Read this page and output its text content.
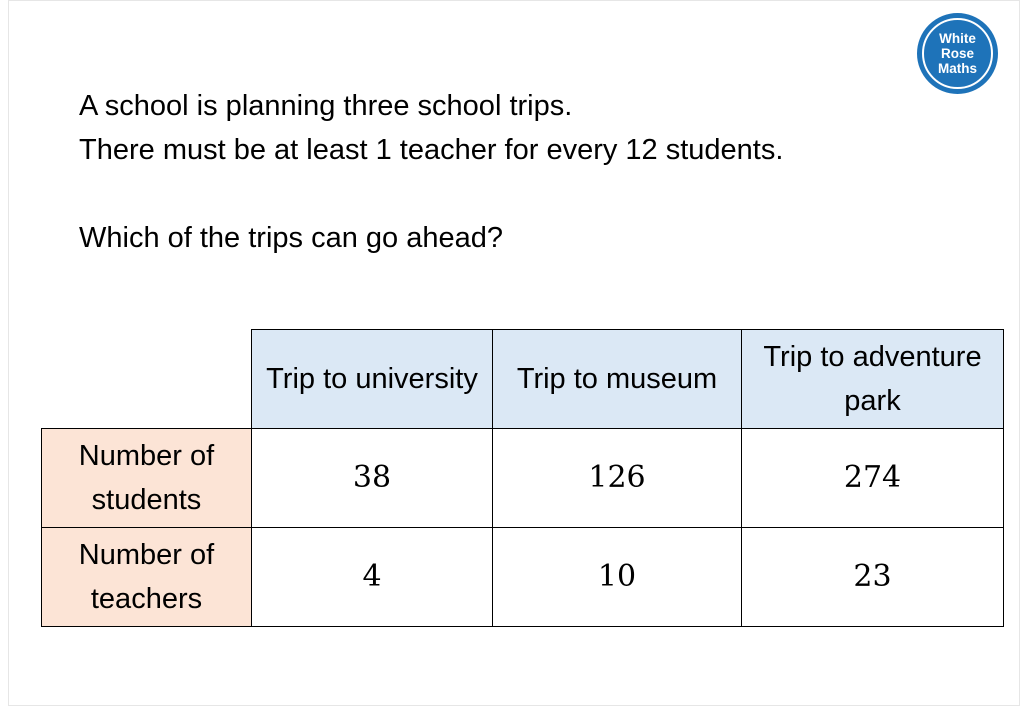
White
Rose
Maths

A school is planning three school trips.

There must be at least 1 teacher for every 12 students.

Which of the trips can go ahead?

	Trip to university	Trip to museum	Trip to adventure park
Number of students	38	126	274
Number of teachers	4	10	23
